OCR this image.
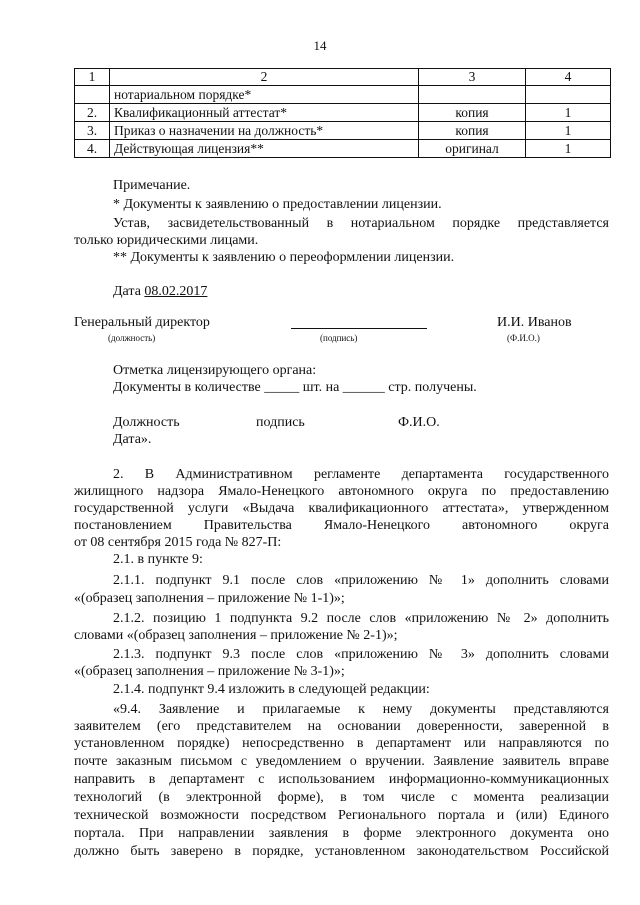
14
1	2	3	4
	нотариальном порядке*		
2.	Квалификационный аттестат*	копия	1
3.	Приказ о назначении на должность*	копия	1
4.	Действующая лицензия**	оригинал	1
Примечание.
* Документы к заявлению о предоставлении лицензии.
Устав, засвидетельствованный в нотариальном порядке представляется
только юридическими лицами.
** Документы к заявлению о переоформлении лицензии.
Дата 08.02.2017
Генеральный директор
(должность)	(подпись)
И.И. Иванов
(Ф.И.О.)
Отметка лицензирующего органа:
Документы в количестве _____ шт. на ______ стр. получены.
Должность	подпись	Ф.И.О.
Дата».
2. В Административном регламенте департамента государственного
жилищного надзора Ямало-Ненецкого автономного округа по предоставлению
государственной услуги «Выдача квалификационного аттестата», утвержденном
постановлением Правительства Ямало-Ненецкого автономного округа
от 08 сентября 2015 года № 827-П:
2.1. в пункте 9:
2.1.1. подпункт 9.1 после слов «приложению № 1» дополнить словами
«(образец заполнения – приложение № 1-1)»;
2.1.2. позицию 1 подпункта 9.2 после слов «приложению № 2» дополнить
словами «(образец заполнения – приложение № 2-1)»;
2.1.3. подпункт 9.3 после слов «приложению № 3» дополнить словами
«(образец заполнения – приложение № 3-1)»;
2.1.4. подпункт 9.4 изложить в следующей редакции:
«9.4. Заявление и прилагаемые к нему документы представляются
заявителем (его представителем на основании доверенности, заверенной в
установленном порядке) непосредственно в департамент или направляются по
почте заказным письмом с уведомлением о вручении. Заявление заявитель вправе
направить в департамент с использованием информационно-коммуникационных
технологий (в электронной форме), в том числе с момента реализации
технической возможности посредством Регионального портала и (или) Единого
портала. При направлении заявления в форме электронного документа оно
должно быть заверено в порядке, установленном законодательством Российской
